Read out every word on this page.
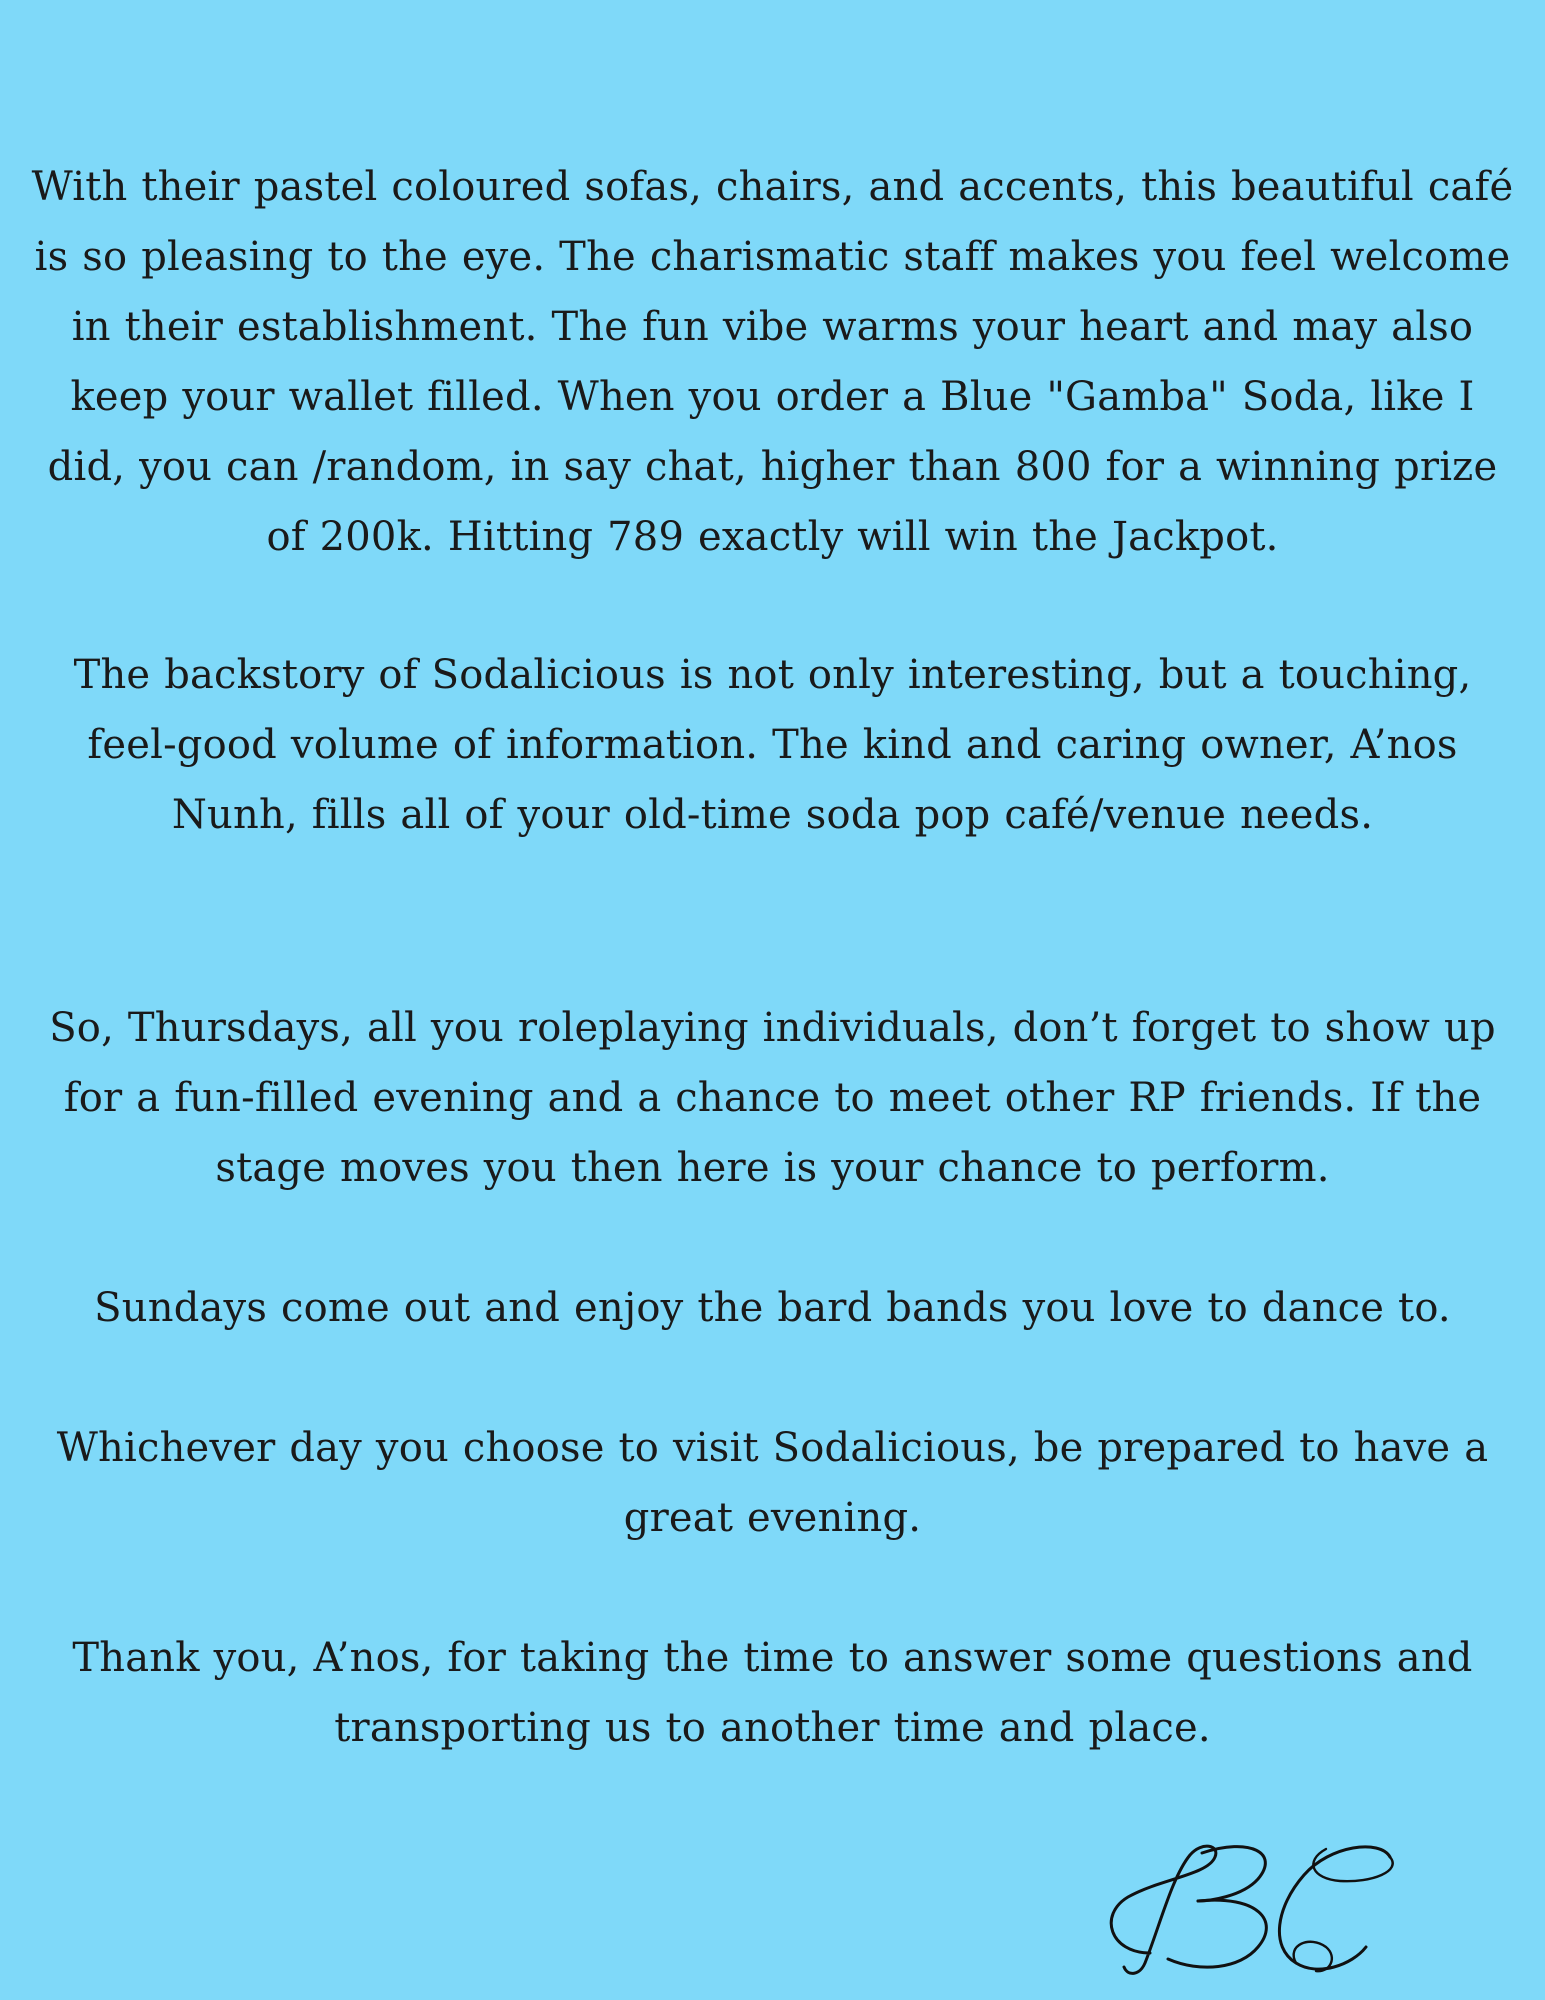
With their pastel coloured sofas, chairs, and accents, this beautiful café is so pleasing to the eye. The charismatic staff makes you feel welcome in their establishment. The fun vibe warms your heart and may also keep your wallet filled. When you order a Blue "Gamba" Soda, like I did, you can /random, in say chat, higher than 800 for a winning prize of 200k. Hitting 789 exactly will win the Jackpot.

The backstory of Sodalicious is not only interesting, but a touching, feel-good volume of information. The kind and caring owner, A’nos Nunh, fills all of your old-time soda pop café/venue needs.

So, Thursdays, all you roleplaying individuals, don’t forget to show up for a fun-filled evening and a chance to meet other RP friends. If the stage moves you then here is your chance to perform.

Sundays come out and enjoy the bard bands you love to dance to.

Whichever day you choose to visit Sodalicious, be prepared to have a great evening.

Thank you, A’nos, for taking the time to answer some questions and transporting us to another time and place.
